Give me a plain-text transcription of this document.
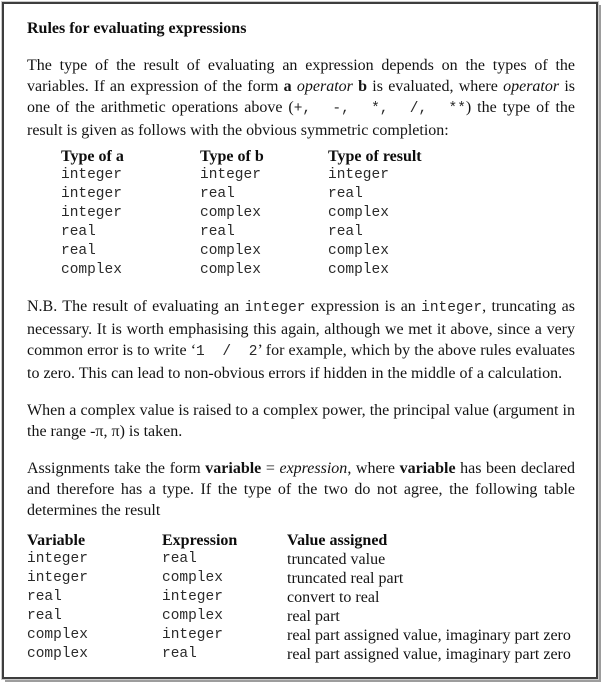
Rules for evaluating expressions

The type of the result of evaluating an expression depends on the types of the variables. If an expression of the form a operator b is evaluated, where operator is one of the arithmetic operations above (+,  -,  *,  /,  **) the type of the result is given as follows with the obvious symmetric completion:

Type of a	Type of b	Type of result
integer	integer	integer
integer	real	real
integer	complex	complex
real	real	real
real	complex	complex
complex	complex	complex

N.B. The result of evaluating an integer expression is an integer, truncating as necessary. It is worth emphasising this again, although we met it above, since a very common error is to write ‘1  /  2’ for example, which by the above rules evaluates to zero. This can lead to non-obvious errors if hidden in the middle of a calculation.

When a complex value is raised to a complex power, the principal value (argument in the range -π, π) is taken.

Assignments take the form variable = expression, where variable has been declared and therefore has a type. If the type of the two do not agree, the following table determines the result

Variable	Expression	Value assigned
integer	real	truncated value
integer	complex	truncated real part
real	integer	convert to real
real	complex	real part
complex	integer	real part assigned value, imaginary part zero
complex	real	real part assigned value, imaginary part zero
